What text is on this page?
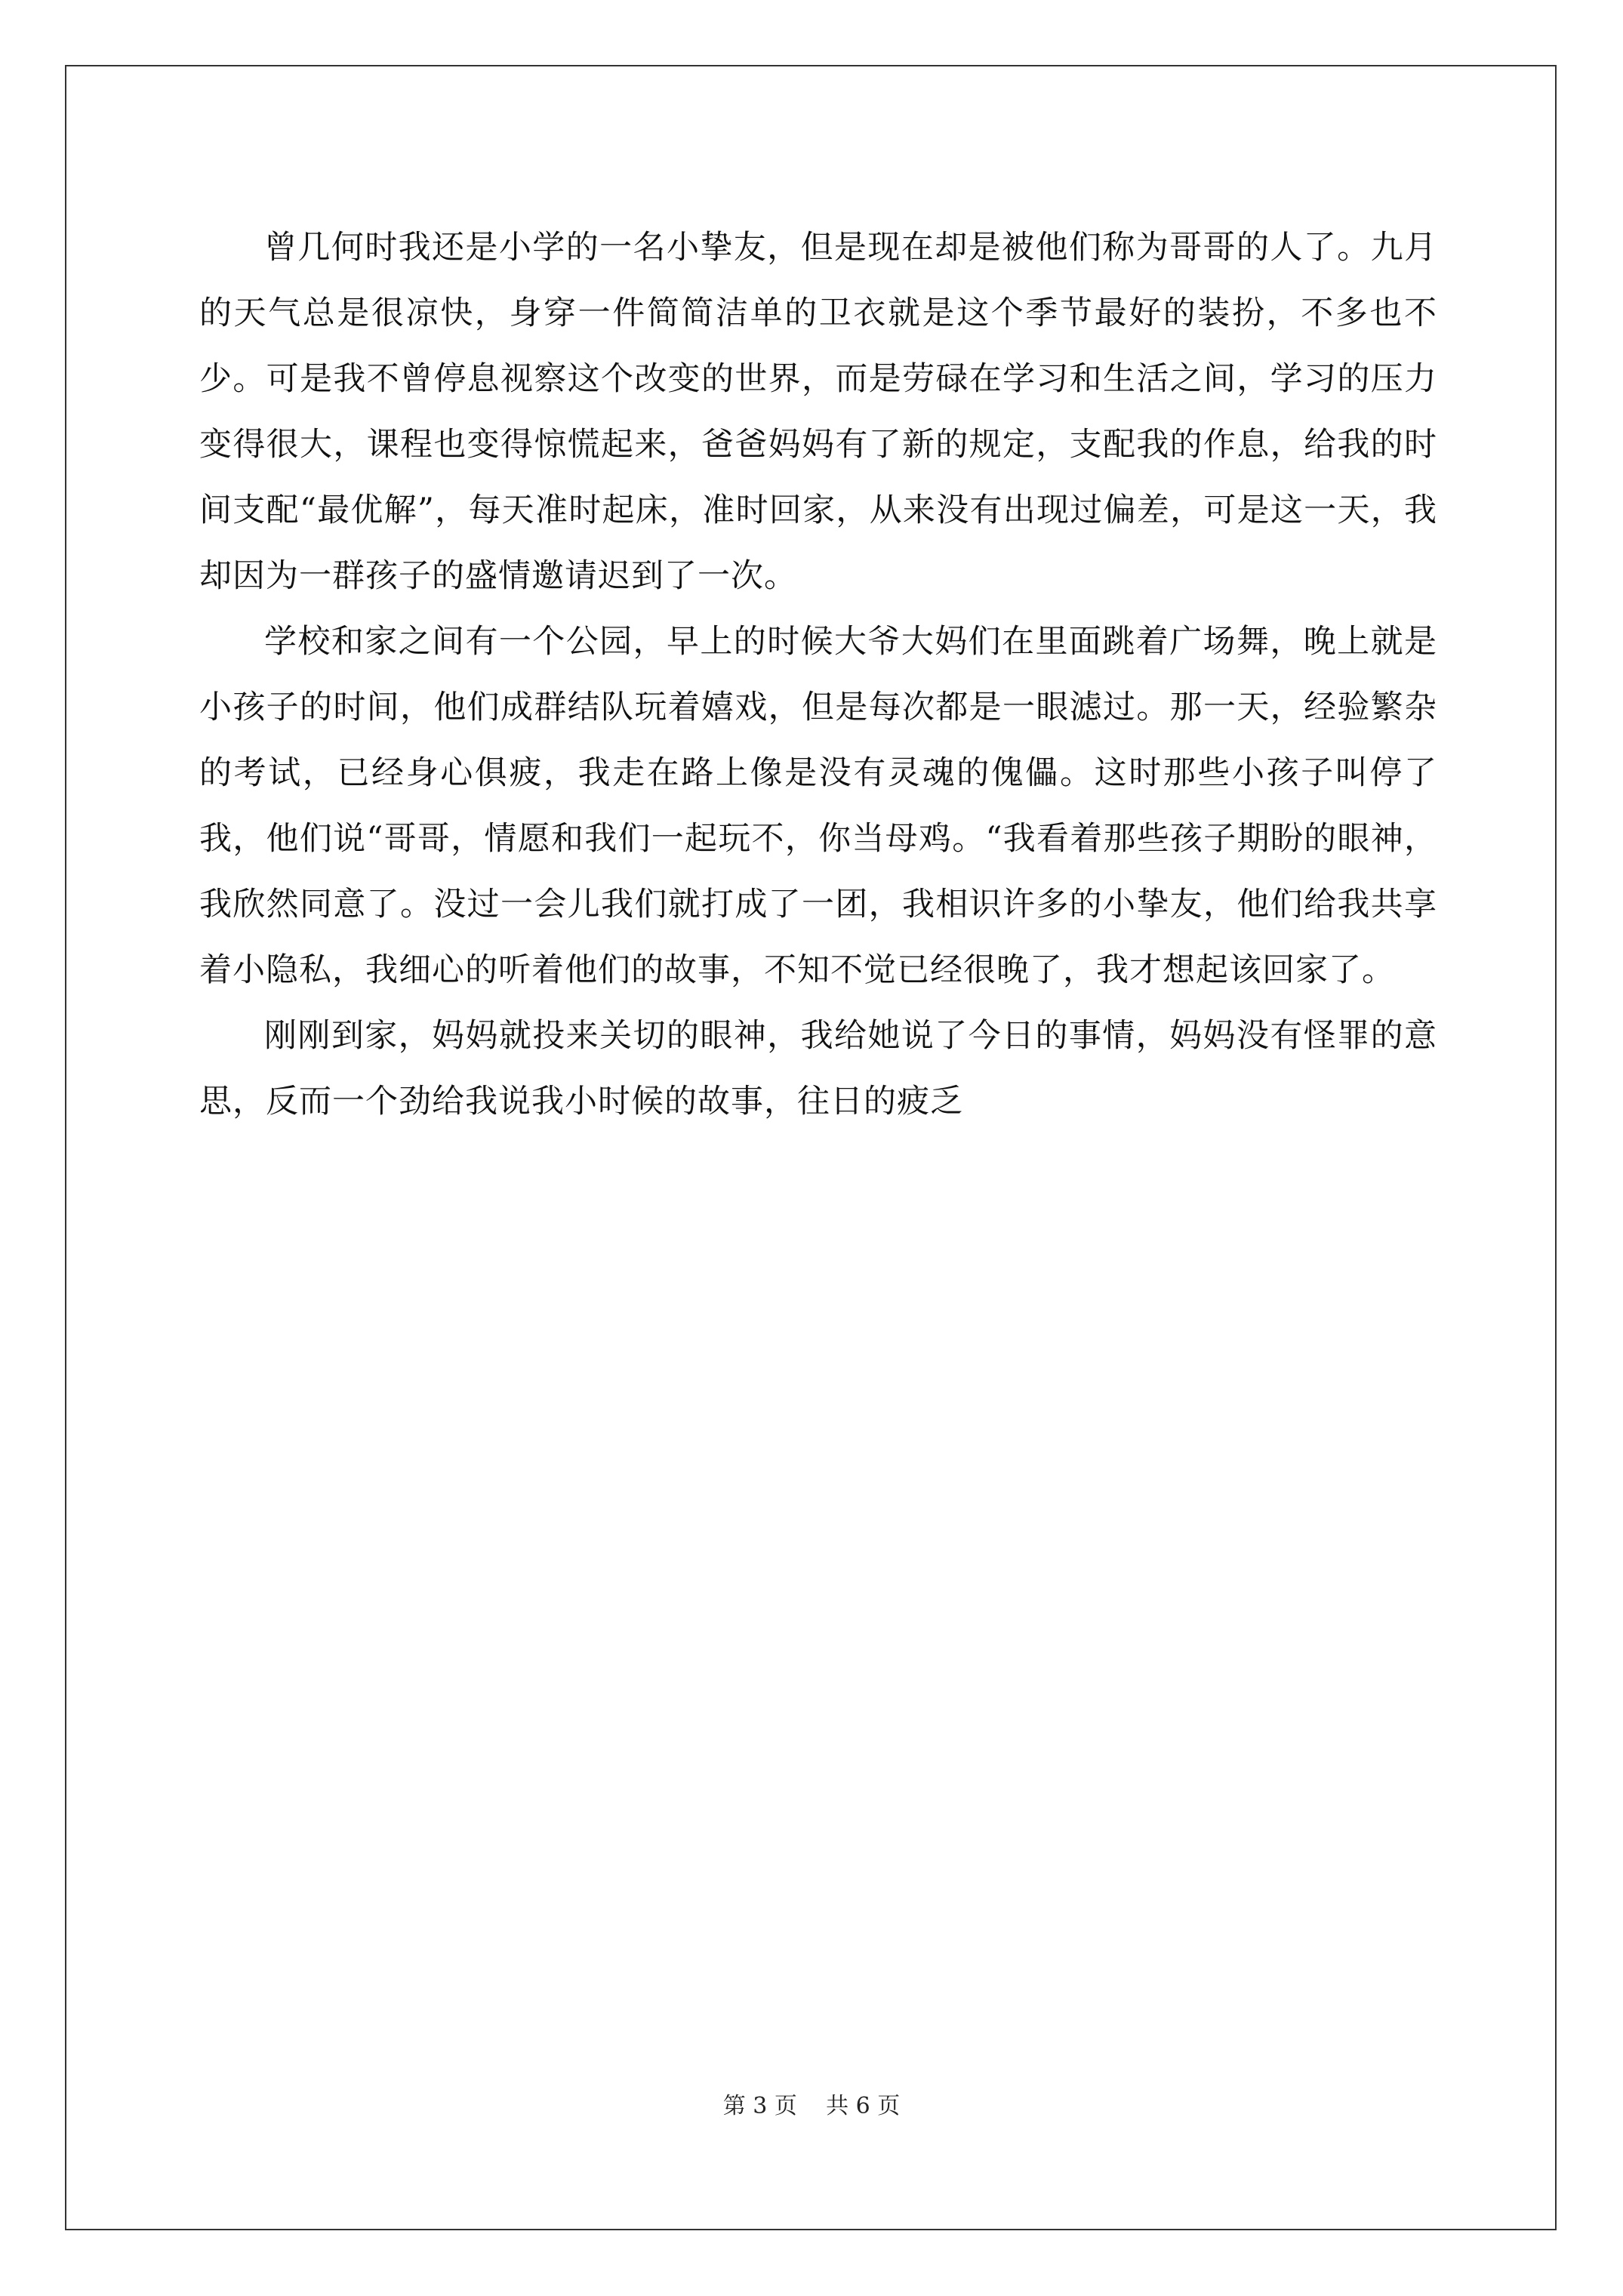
曾几何时我还是小学的一名小挚友，但是现在却是被他们称为哥哥的人了。九月的天气总是很凉快，身穿一件简简洁单的卫衣就是这个季节最好的装扮，不多也不少。可是我不曾停息视察这个改变的世界，而是劳碌在学习和生活之间，学习的压力变得很大，课程也变得惊慌起来，爸爸妈妈有了新的规定，支配我的作息，给我的时间支配“最优解”，每天准时起床，准时回家，从来没有出现过偏差，可是这一天，我却因为一群孩子的盛情邀请迟到了一次。

学校和家之间有一个公园，早上的时候大爷大妈们在里面跳着广场舞，晚上就是小孩子的时间，他们成群结队玩着嬉戏，但是每次都是一眼滤过。那一天，经验繁杂的考试，已经身心俱疲，我走在路上像是没有灵魂的傀儡。这时那些小孩子叫停了我，他们说“哥哥，情愿和我们一起玩不，你当母鸡。“我看着那些孩子期盼的眼神，我欣然同意了。没过一会儿我们就打成了一团，我相识许多的小挚友，他们给我共享着小隐私，我细心的听着他们的故事，不知不觉已经很晚了，我才想起该回家了。

刚刚到家，妈妈就投来关切的眼神，我给她说了今日的事情，妈妈没有怪罪的意思，反而一个劲给我说我小时候的故事，往日的疲乏

第 3 页    共 6 页
